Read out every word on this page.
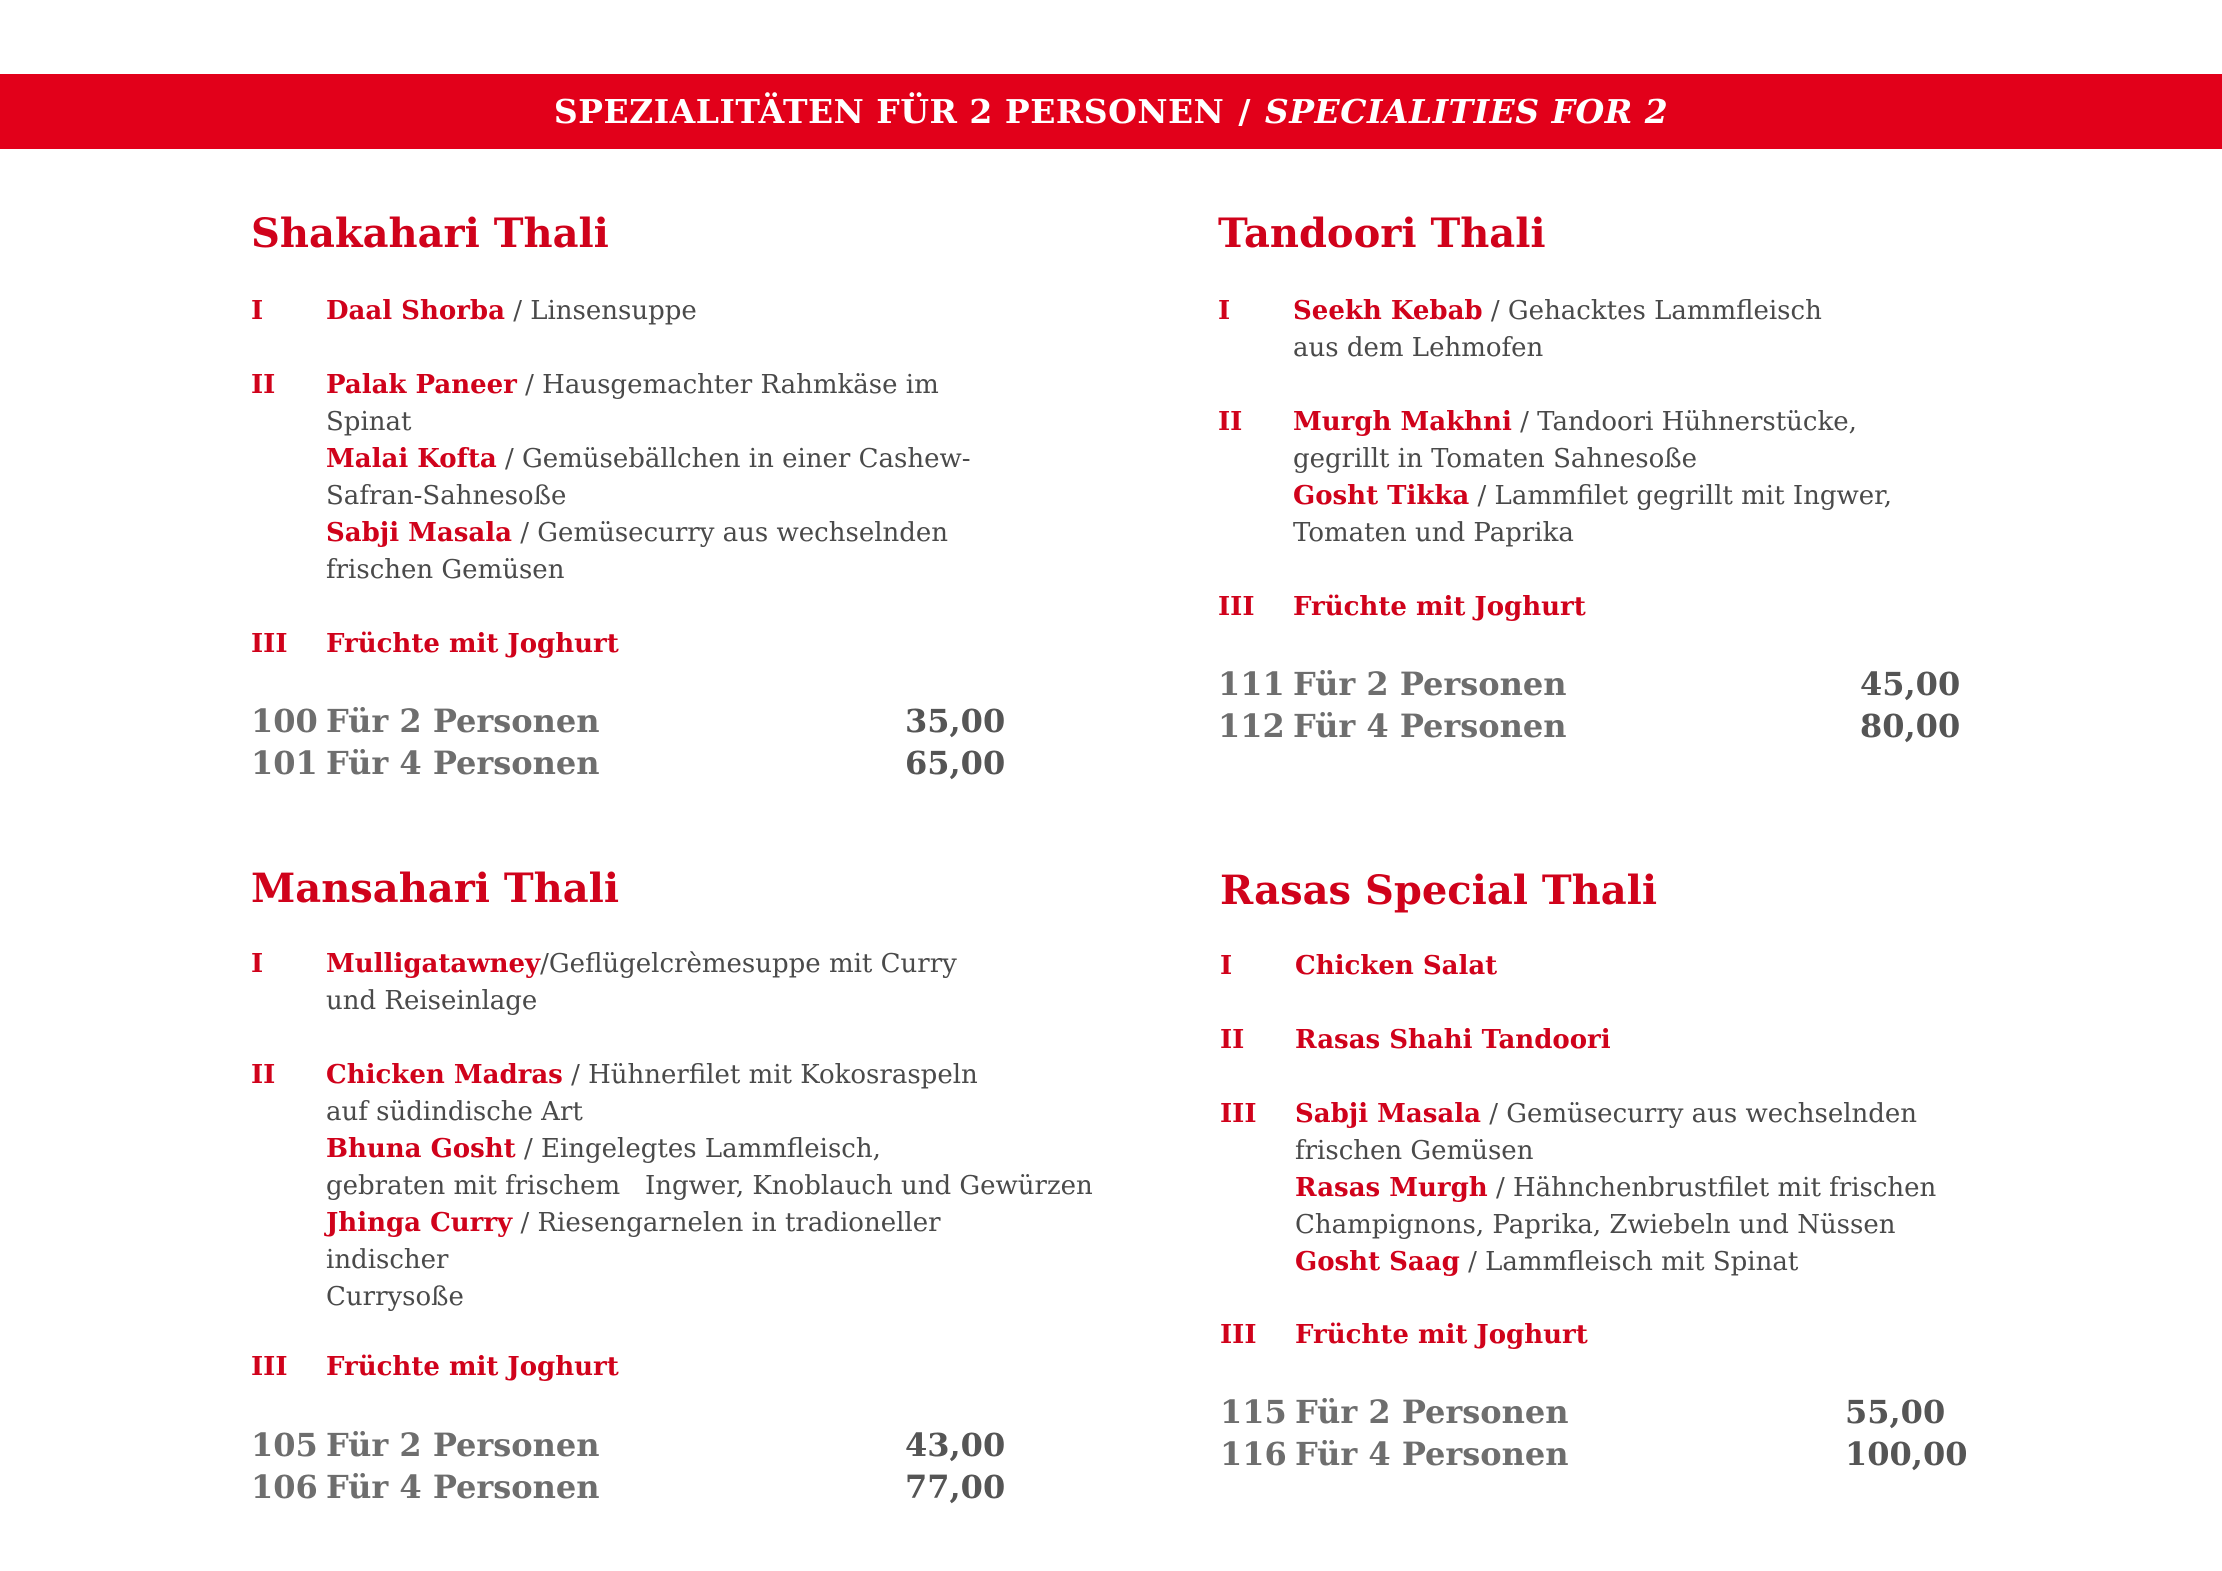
SPEZIALITÄTEN FÜR 2 PERSONEN / SPECIALITIES FOR 2
Shakahari Thali
I Daal Shorba / Linsensuppe
II Palak Paneer / Hausgemachter Rahmkäse im Spinat
Malai Kofta / Gemüsebällchen in einer Cashew-
Safran-Sahnesoße
Sabji Masala / Gemüsecurry aus wechselnden
frischen Gemüsen
III Früchte mit Joghurt
100 Für 2 Personen	35,00
101 Für 4 Personen	65,00
Tandoori Thali
I Seekh Kebab / Gehacktes Lammfleisch
aus dem Lehmofen
II Murgh Makhni / Tandoori Hühnerstücke,
gegrillt in Tomaten Sahnesoße
Gosht Tikka / Lammfilet gegrillt mit Ingwer,
Tomaten und Paprika
III Früchte mit Joghurt
111 Für 2 Personen	45,00
112 Für 4 Personen	80,00
Mansahari Thali
I Mulligatawney/Geflügelcrèmesuppe mit Curry
und Reiseinlage
II Chicken Madras / Hühnerfilet mit Kokosraspeln
auf südindische Art
Bhuna Gosht / Eingelegtes Lammfleisch,
gebraten mit frischem   Ingwer, Knoblauch und Gewürzen
Jhinga Curry / Riesengarnelen in tradioneller indischer
Currysoße
III Früchte mit Joghurt
105 Für 2 Personen	43,00
106 Für 4 Personen	77,00
Rasas Special Thali
I Chicken Salat
II Rasas Shahi Tandoori
III Sabji Masala / Gemüsecurry aus wechselnden
frischen Gemüsen
Rasas Murgh / Hähnchenbrustfilet mit frischen
Champignons, Paprika, Zwiebeln und Nüssen
Gosht Saag / Lammfleisch mit Spinat
III Früchte mit Joghurt
115 Für 2 Personen	55,00
116 Für 4 Personen	100,00
